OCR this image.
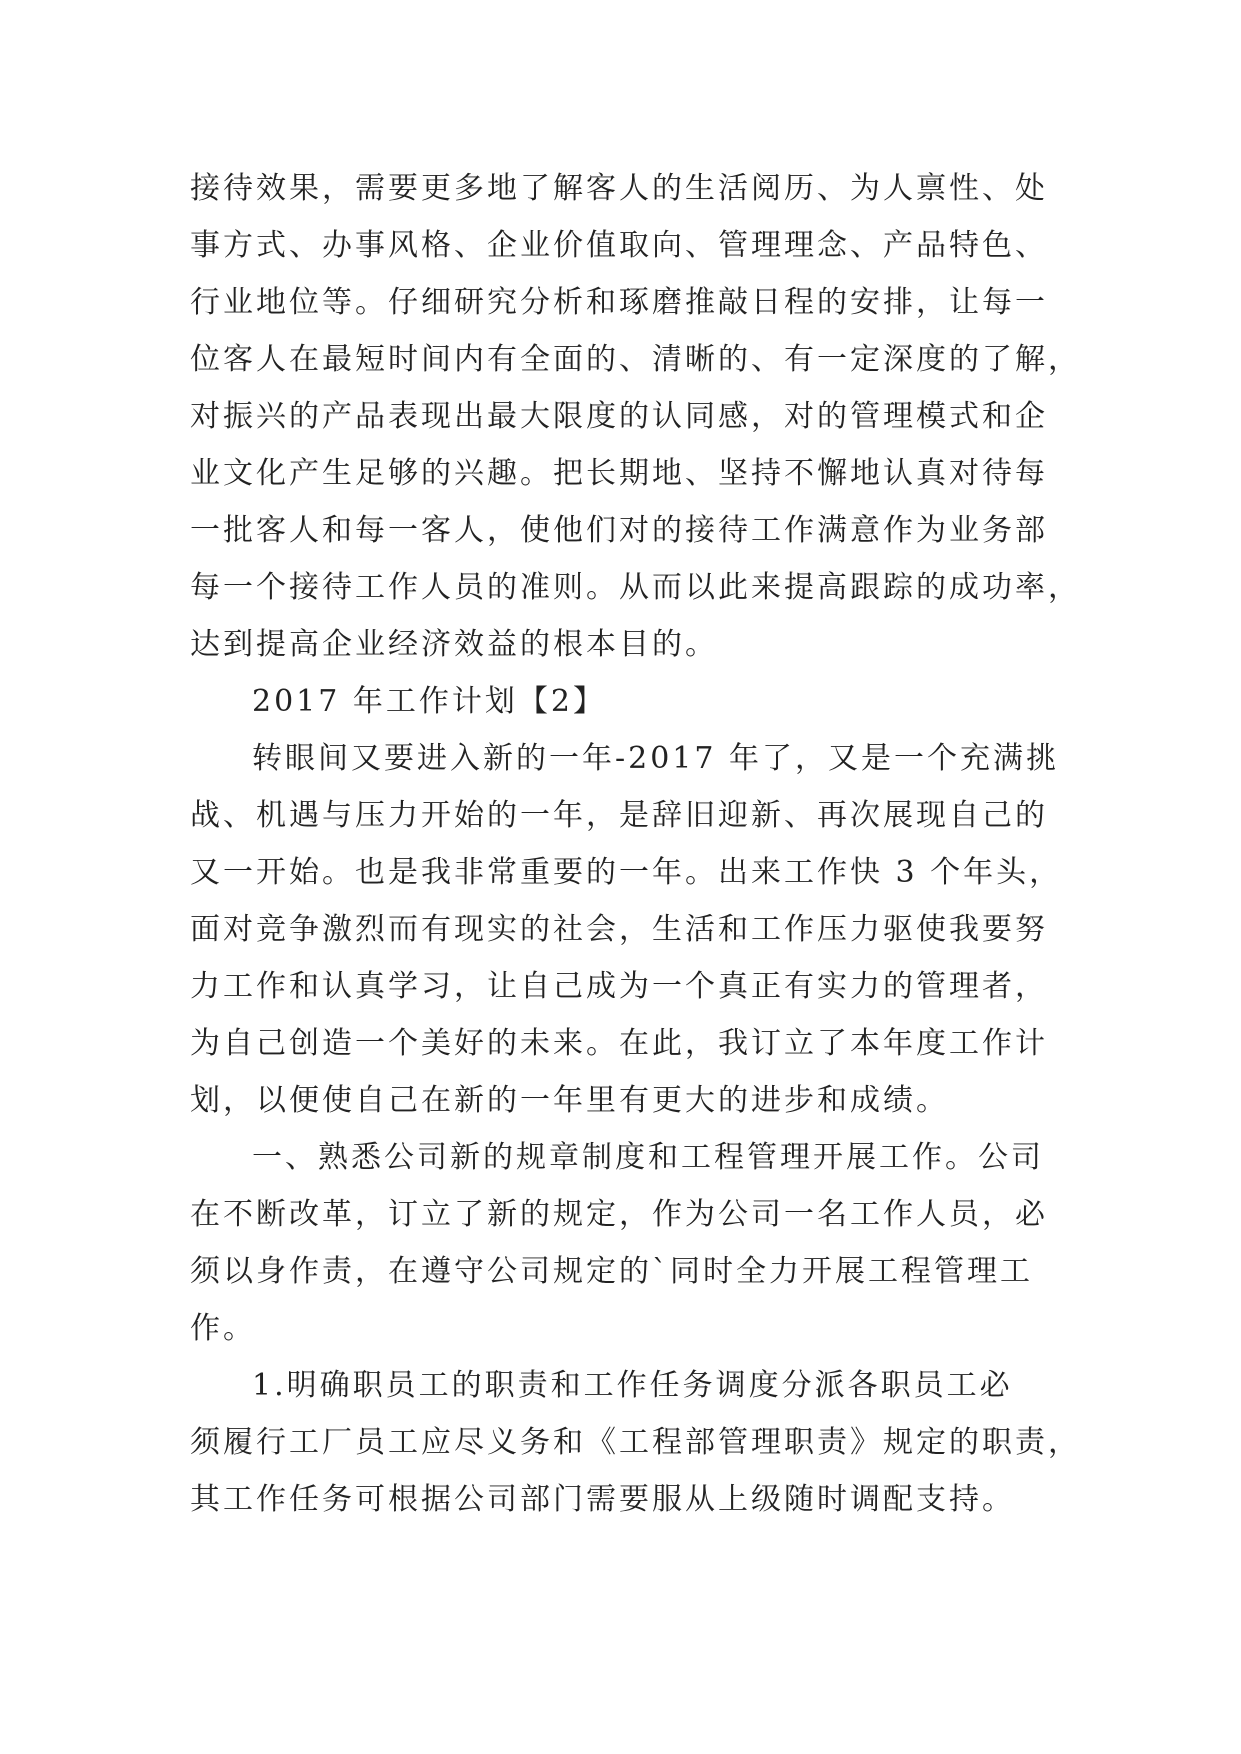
接待效果，需要更多地了解客人的生活阅历、为人禀性、处
事方式、办事风格、企业价值取向、管理理念、产品特色、
行业地位等。仔细研究分析和琢磨推敲日程的安排，让每一
位客人在最短时间内有全面的、清晰的、有一定深度的了解，
对振兴的产品表现出最大限度的认同感，对的管理模式和企
业文化产生足够的兴趣。把长期地、坚持不懈地认真对待每
一批客人和每一客人，使他们对的接待工作满意作为业务部
每一个接待工作人员的准则。从而以此来提高跟踪的成功率，
达到提高企业经济效益的根本目的。
2017 年工作计划【2】
转眼间又要进入新的一年-2017 年了，又是一个充满挑
战、机遇与压力开始的一年，是辞旧迎新、再次展现自己的
又一开始。也是我非常重要的一年。出来工作快 3 个年头，
面对竞争激烈而有现实的社会，生活和工作压力驱使我要努
力工作和认真学习，让自己成为一个真正有实力的管理者，
为自己创造一个美好的未来。在此，我订立了本年度工作计
划，以便使自己在新的一年里有更大的进步和成绩。
一、熟悉公司新的规章制度和工程管理开展工作。公司
在不断改革，订立了新的规定，作为公司一名工作人员，必
须以身作责，在遵守公司规定的`同时全力开展工程管理工
作。
1.明确职员工的职责和工作任务调度分派各职员工必
须履行工厂员工应尽义务和《工程部管理职责》规定的职责，
其工作任务可根据公司部门需要服从上级随时调配支持。
